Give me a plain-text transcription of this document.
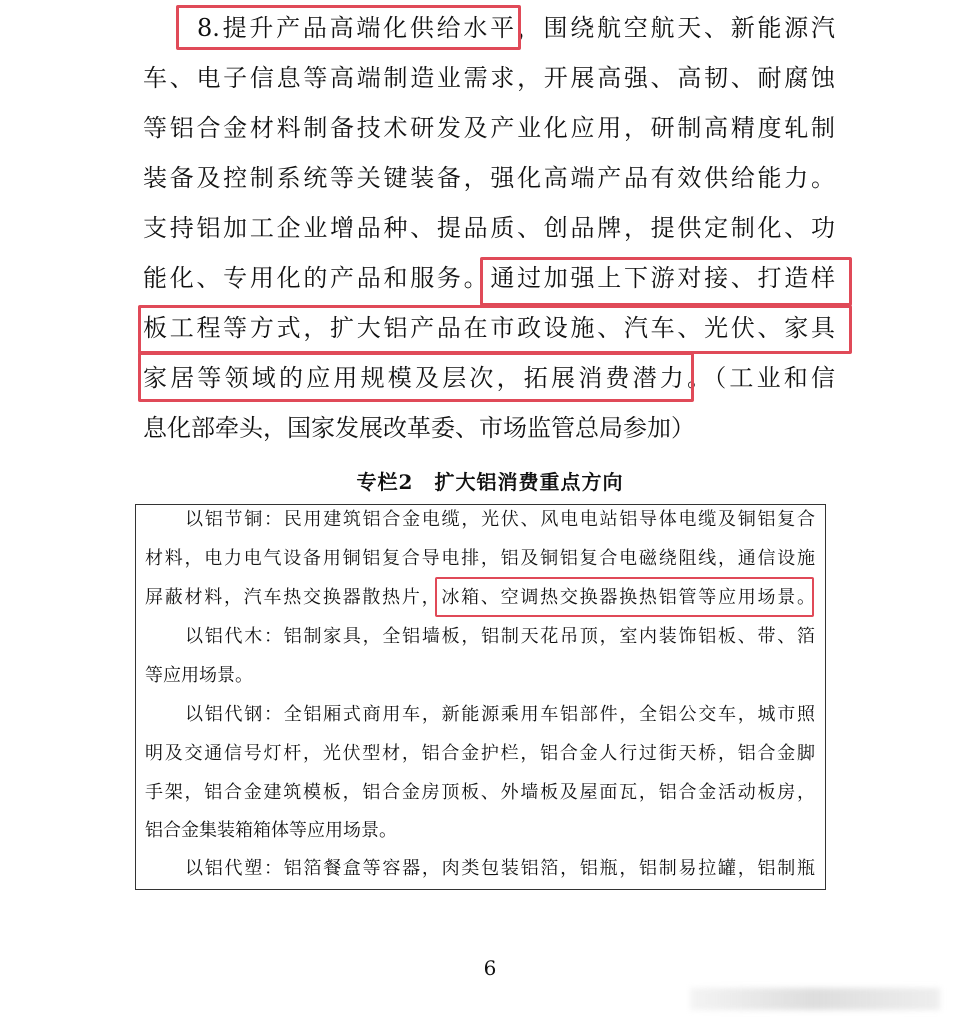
8.提升产品高端化供给水平，围绕航空航天、新能源汽
车、电子信息等高端制造业需求，开展高强、高韧、耐腐蚀
等铝合金材料制备技术研发及产业化应用，研制高精度轧制
装备及控制系统等关键装备，强化高端产品有效供给能力。
支持铝加工企业增品种、提品质、创品牌，提供定制化、功
能化、专用化的产品和服务。通过加强上下游对接、打造样
板工程等方式，扩大铝产品在市政设施、汽车、光伏、家具
家居等领域的应用规模及层次，拓展消费潜力。（工业和信
息化部牵头，国家发展改革委、市场监管总局参加）
专栏2　扩大铝消费重点方向
以铝节铜：民用建筑铝合金电缆，光伏、风电电站铝导体电缆及铜铝复合
材料，电力电气设备用铜铝复合导电排，铝及铜铝复合电磁绕阻线，通信设施
屏蔽材料，汽车热交换器散热片，冰箱、空调热交换器换热铝管等应用场景。
以铝代木：铝制家具，全铝墙板，铝制天花吊顶，室内装饰铝板、带、箔
等应用场景。
以铝代钢：全铝厢式商用车，新能源乘用车铝部件，全铝公交车，城市照
明及交通信号灯杆，光伏型材，铝合金护栏，铝合金人行过街天桥，铝合金脚
手架，铝合金建筑模板，铝合金房顶板、外墙板及屋面瓦，铝合金活动板房，
铝合金集装箱箱体等应用场景。
以铝代塑：铝箔餐盒等容器，肉类包装铝箔，铝瓶，铝制易拉罐，铝制瓶
6
